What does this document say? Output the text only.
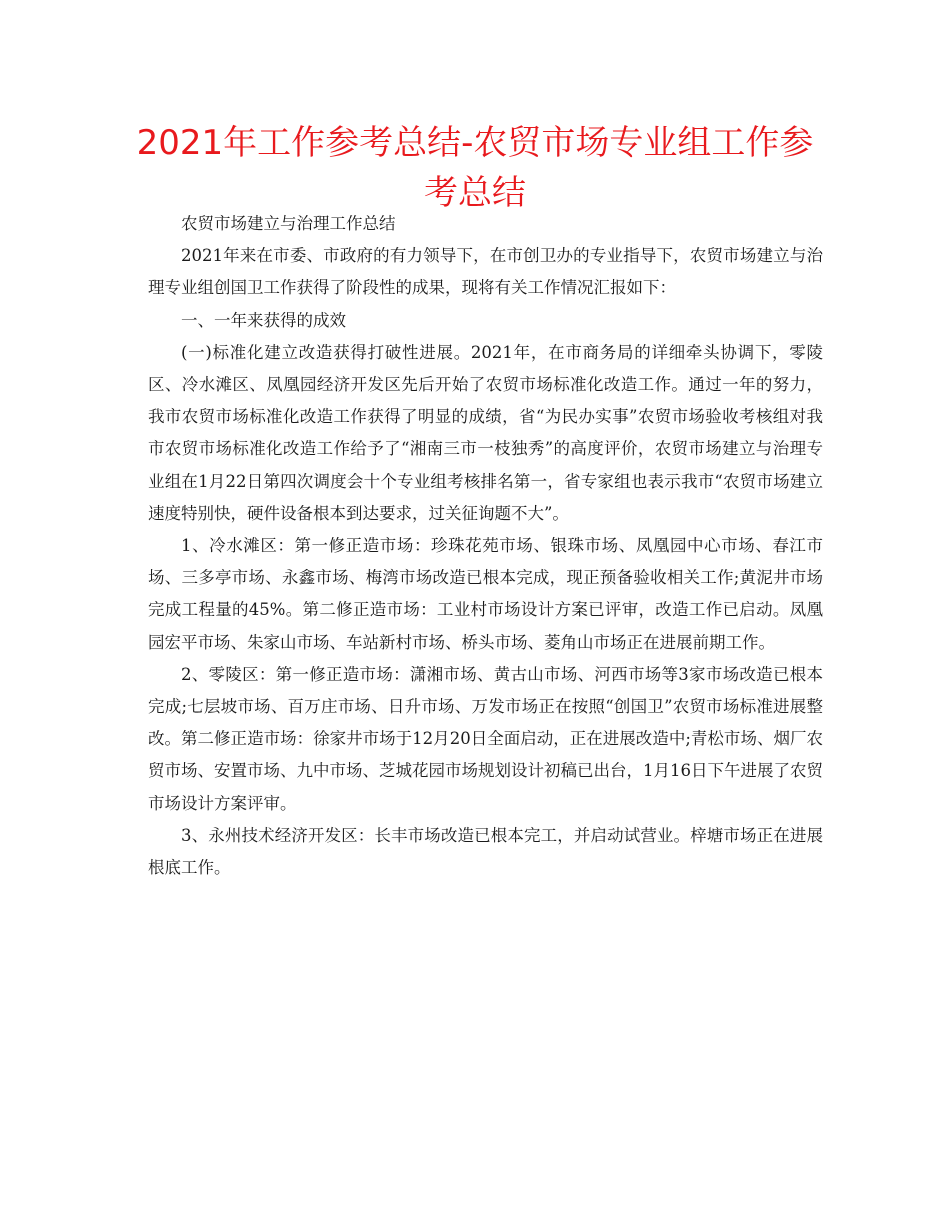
2021年工作参考总结-农贸市场专业组工作参考总结

农贸市场建立与治理工作总结

2021年来在市委、市政府的有力领导下，在市创卫办的专业指导下，农贸市场建立与治理专业组创国卫工作获得了阶段性的成果，现将有关工作情况汇报如下：

一、一年来获得的成效

(一)标准化建立改造获得打破性进展。2021年，在市商务局的详细牵头协调下，零陵区、冷水滩区、凤凰园经济开发区先后开始了农贸市场标准化改造工作。通过一年的努力，我市农贸市场标准化改造工作获得了明显的成绩，省“为民办实事”农贸市场验收考核组对我市农贸市场标准化改造工作给予了“湘南三市一枝独秀”的高度评价，农贸市场建立与治理专业组在1月22日第四次调度会十个专业组考核排名第一，省专家组也表示我市“农贸市场建立速度特别快，硬件设备根本到达要求，过关征询题不大”。

1、冷水滩区：第一修正造市场：珍珠花苑市场、银珠市场、凤凰园中心市场、春江市场、三多亭市场、永鑫市场、梅湾市场改造已根本完成，现正预备验收相关工作;黄泥井市场完成工程量的45%。第二修正造市场：工业村市场设计方案已评审，改造工作已启动。凤凰园宏平市场、朱家山市场、车站新村市场、桥头市场、菱角山市场正在进展前期工作。

2、零陵区：第一修正造市场：潇湘市场、黄古山市场、河西市场等3家市场改造已根本完成;七层坡市场、百万庄市场、日升市场、万发市场正在按照“创国卫”农贸市场标准进展整改。第二修正造市场：徐家井市场于12月20日全面启动，正在进展改造中;青松市场、烟厂农贸市场、安置市场、九中市场、芝城花园市场规划设计初稿已出台，1月16日下午进展了农贸市场设计方案评审。

3、永州技术经济开发区：长丰市场改造已根本完工，并启动试营业。梓塘市场正在进展根底工作。
